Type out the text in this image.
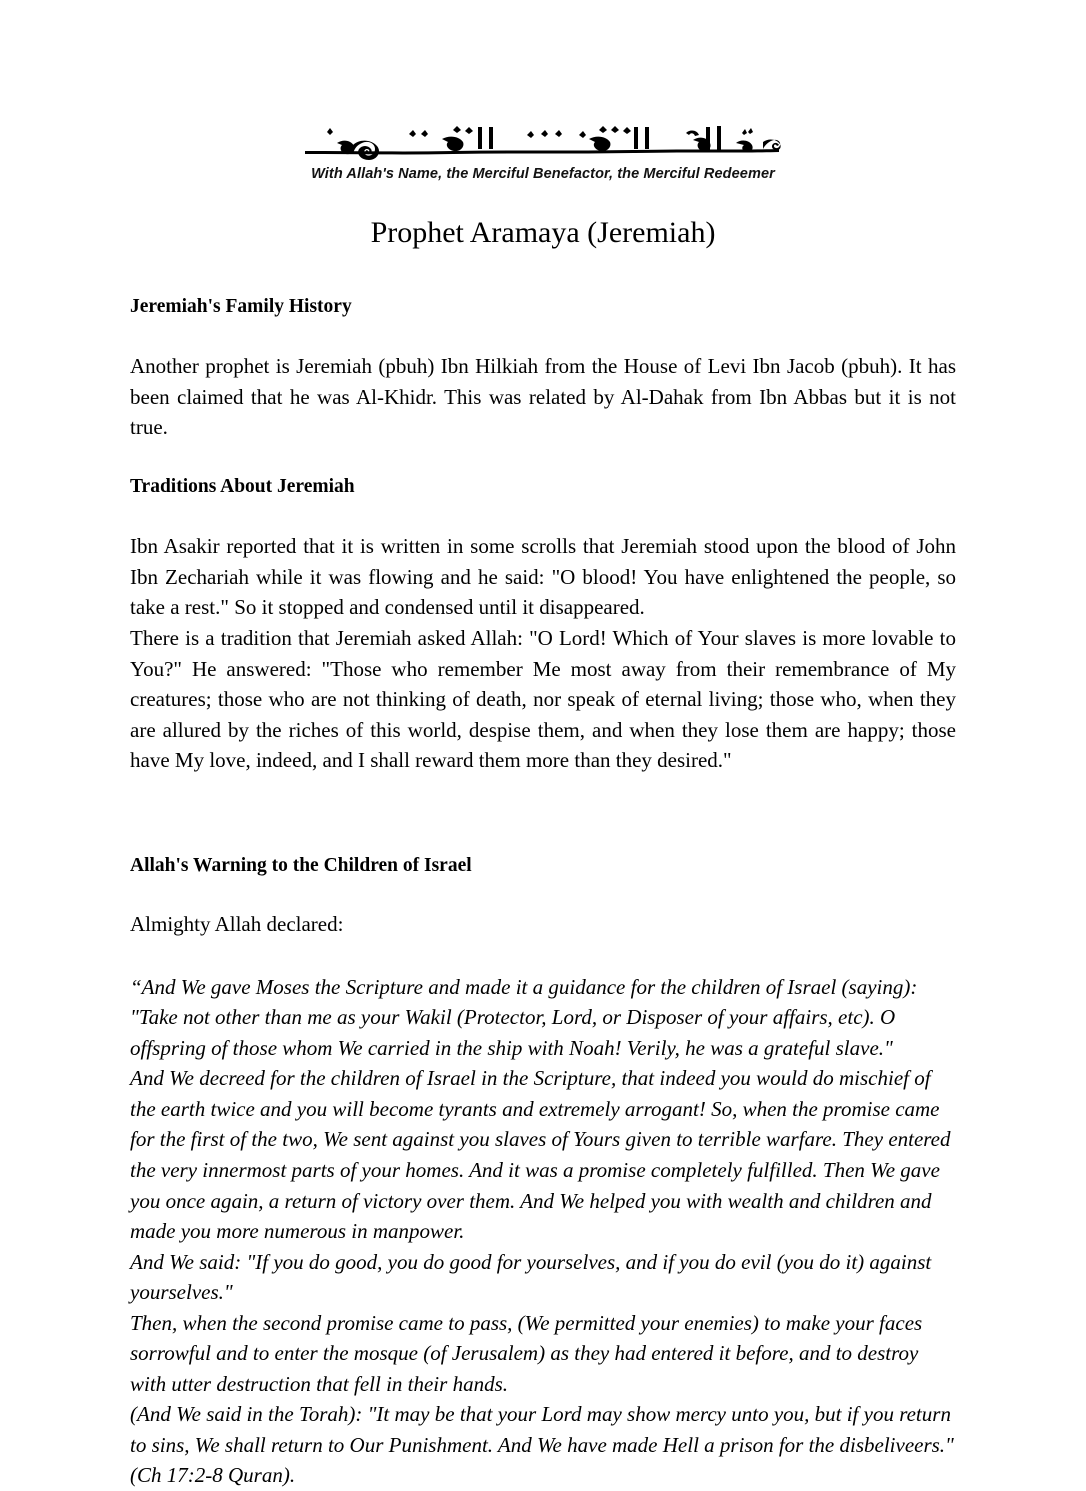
With Allah's Name, the Merciful Benefactor, the Merciful Redeemer
Prophet Aramaya (Jeremiah)
Jeremiah's Family History

Another prophet is Jeremiah (pbuh) Ibn Hilkiah from the House of Levi Ibn Jacob (pbuh). It has been claimed that he was Al-Khidr. This was related by Al-Dahak from Ibn Abbas but it is not true.

Traditions About Jeremiah

Ibn Asakir reported that it is written in some scrolls that Jeremiah stood upon the blood of John Ibn Zechariah while it was flowing and he said: "O blood! You have enlightened the people, so take a rest." So it stopped and condensed until it disappeared.

There is a tradition that Jeremiah asked Allah: "O Lord! Which of Your slaves is more lovable to You?" He answered: "Those who remember Me most away from their remembrance of My creatures; those who are not thinking of death, nor speak of eternal living; those who, when they are allured by the riches of this world, despise them, and when they lose them are happy; those have My love, indeed, and I shall reward them more than they desired."

Allah's Warning to the Children of Israel

Almighty Allah declared:

“And We gave Moses the Scripture and made it a guidance for the children of Israel (saying): "Take not other than me as your Wakil (Protector, Lord, or Disposer of your affairs, etc). O offspring of those whom We carried in the ship with Noah! Verily, he was a grateful slave."

And We decreed for the children of Israel in the Scripture, that indeed you would do mischief of the earth twice and you will become tyrants and extremely arrogant! So, when the promise came for the first of the two, We sent against you slaves of Yours given to terrible warfare. They entered the very innermost parts of your homes. And it was a promise completely fulfilled. Then We gave you once again, a return of victory over them. And We helped you with wealth and children and made you more numerous in manpower.

And We said: "If you do good, you do good for yourselves, and if you do evil (you do it) against yourselves."

Then, when the second promise came to pass, (We permitted your enemies) to make your faces sorrowful and to enter the mosque (of Jerusalem) as they had entered it before, and to destroy with utter destruction that fell in their hands.

(And We said in the Torah): "It may be that your Lord may show mercy unto you, but if you return to sins, We shall return to Our Punishment. And We have made Hell a prison for the disbeliveers." (Ch 17:2-8 Quran).
